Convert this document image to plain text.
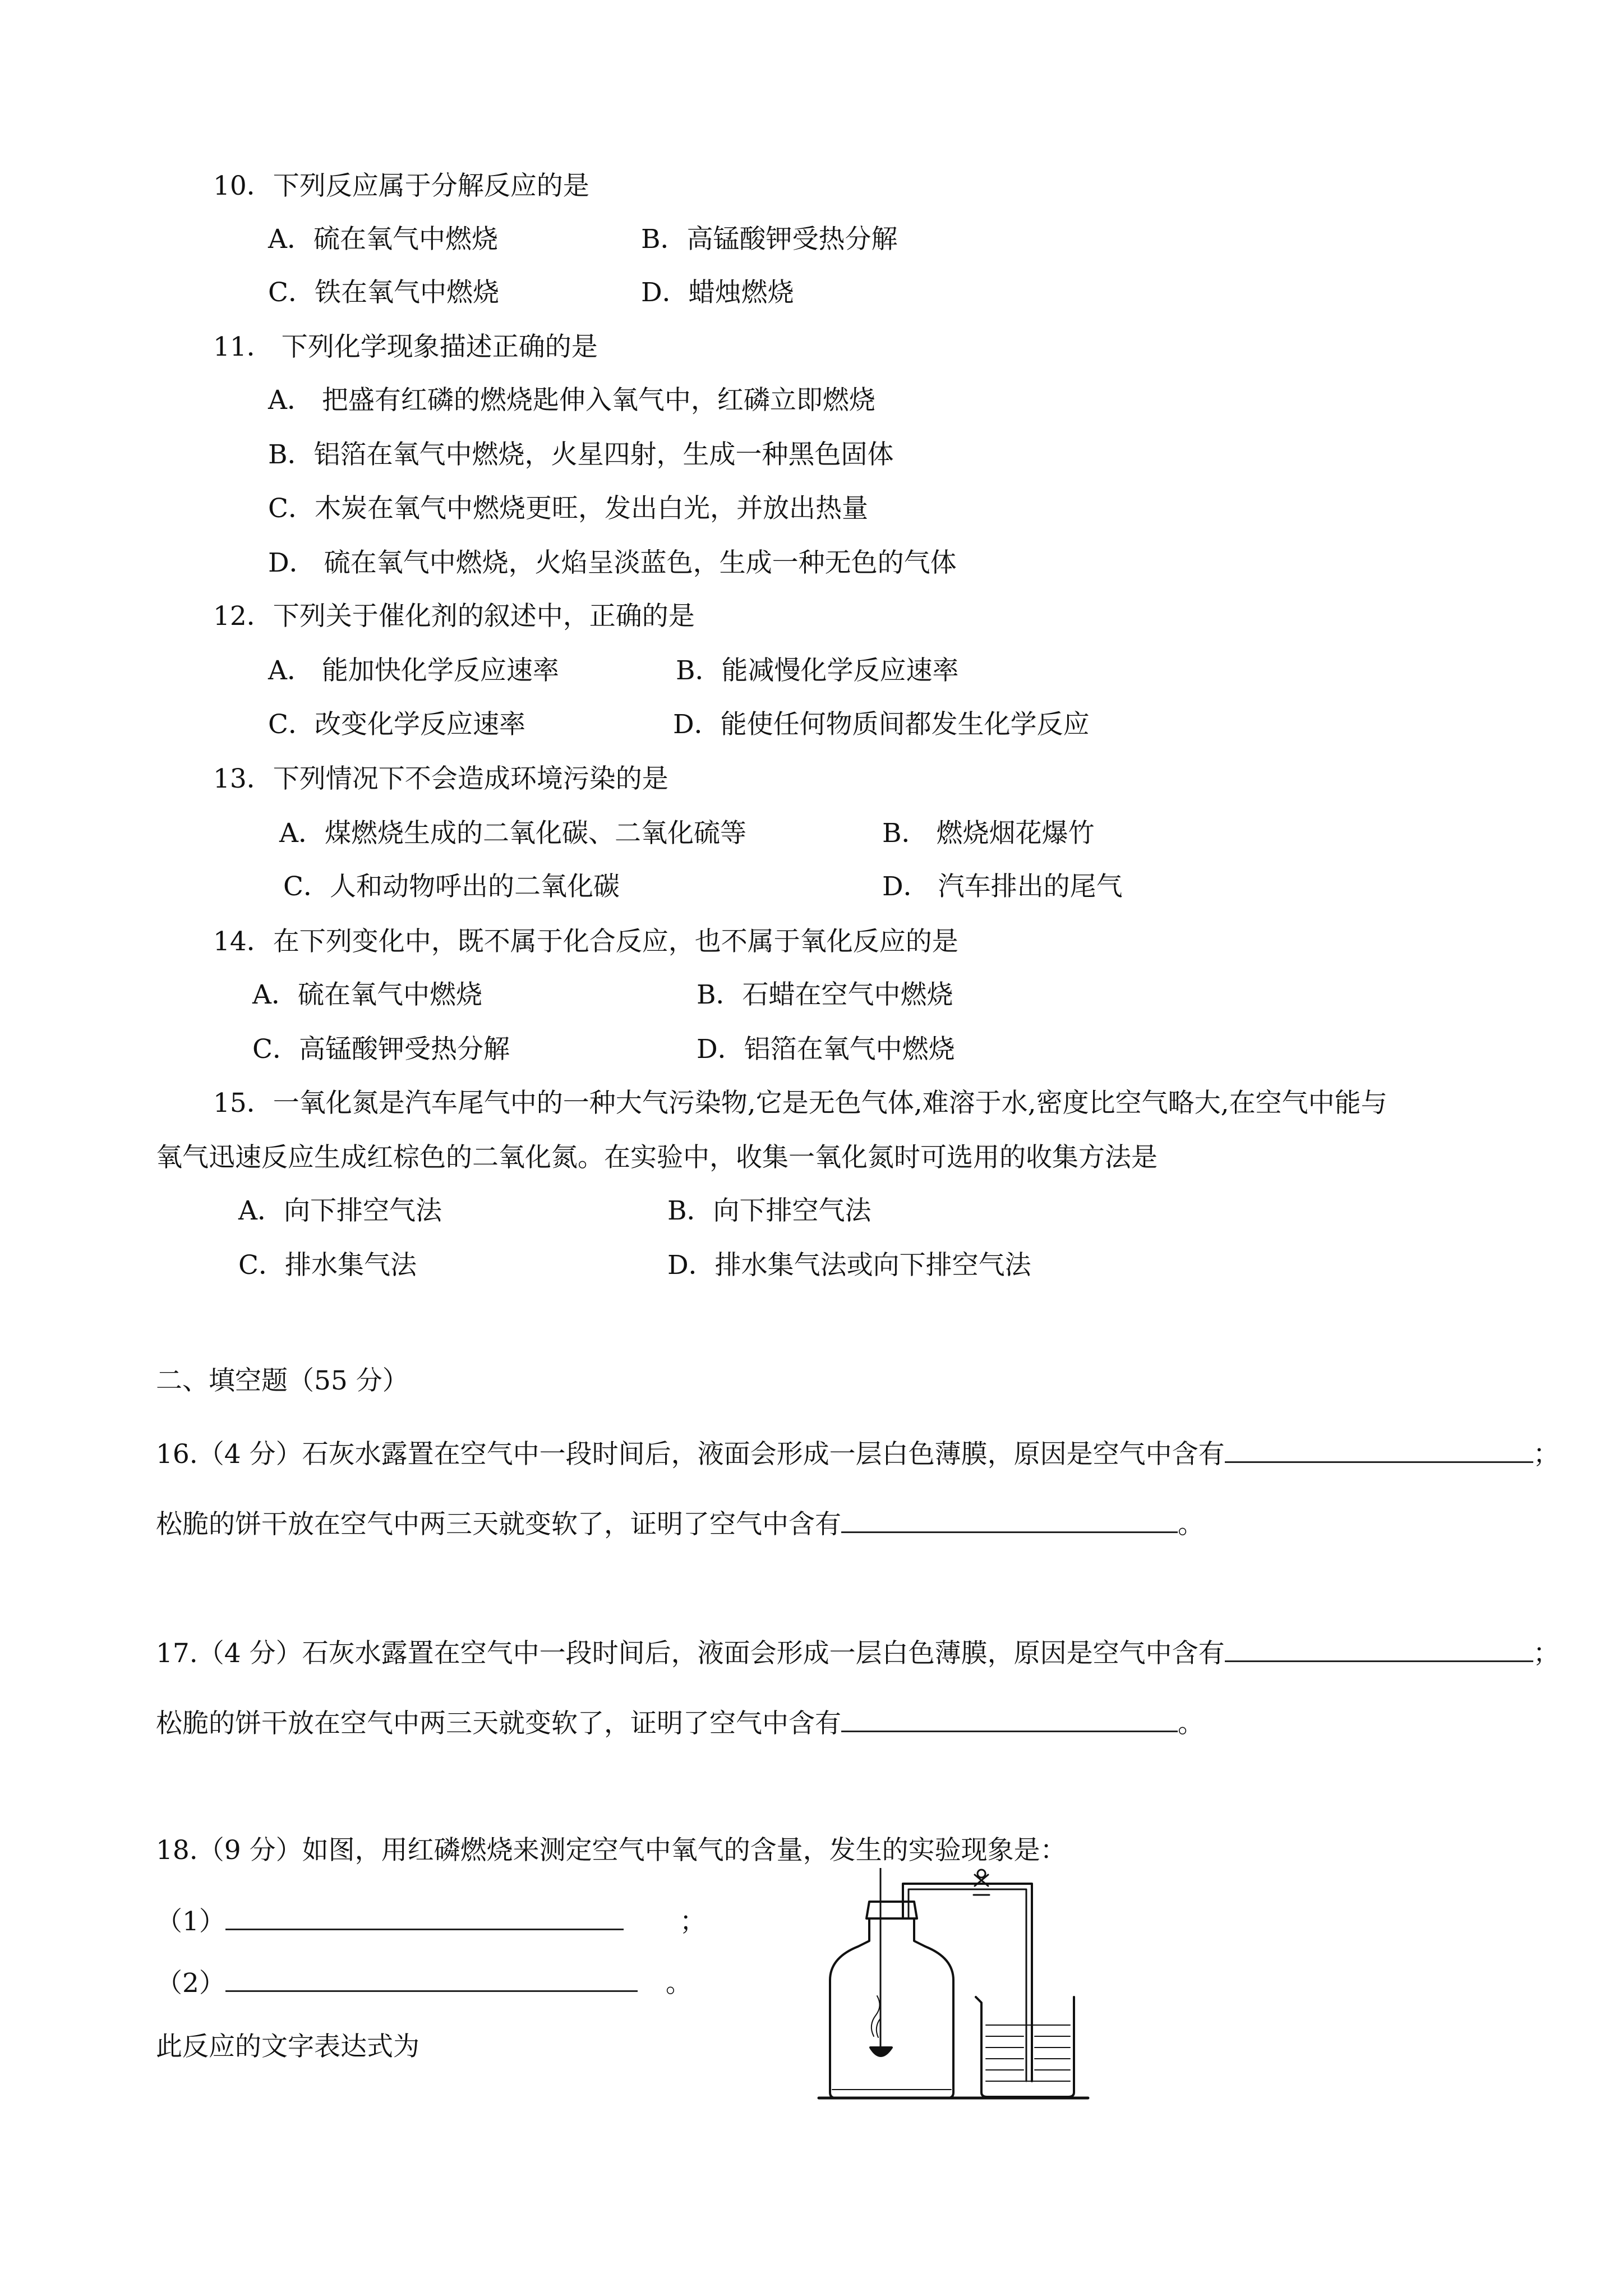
10．下列反应属于分解反应的是
A．硫在氧气中燃烧	B．高锰酸钾受热分解
C．铁在氧气中燃烧	D．蜡烛燃烧
11． 下列化学现象描述正确的是
A． 把盛有红磷的燃烧匙伸入氧气中，红磷立即燃烧
B．铝箔在氧气中燃烧，火星四射，生成一种黑色固体
C．木炭在氧气中燃烧更旺，发出白光，并放出热量
D． 硫在氧气中燃烧，火焰呈淡蓝色，生成一种无色的气体
12．下列关于催化剂的叙述中，正确的是
A． 能加快化学反应速率	B．能减慢化学反应速率
C．改变化学反应速率	D．能使任何物质间都发生化学反应
13．下列情况下不会造成环境污染的是
A．煤燃烧生成的二氧化碳、二氧化硫等	B． 燃烧烟花爆竹
C．人和动物呼出的二氧化碳	D． 汽车排出的尾气
14．在下列变化中，既不属于化合反应，也不属于氧化反应的是
A．硫在氧气中燃烧	B．石蜡在空气中燃烧
C．高锰酸钾受热分解	D．铝箔在氧气中燃烧
15．一氧化氮是汽车尾气中的一种大气污染物,它是无色气体,难溶于水,密度比空气略大,在空气中能与
氧气迅速反应生成红棕色的二氧化氮。在实验中，收集一氧化氮时可选用的收集方法是
A．向下排空气法	B．向下排空气法
C．排水集气法	D．排水集气法或向下排空气法
二、填空题（55 分）
16.（4 分）石灰水露置在空气中一段时间后，液面会形成一层白色薄膜，原因是空气中含有	；
松脆的饼干放在空气中两三天就变软了，证明了空气中含有	。
17.（4 分）石灰水露置在空气中一段时间后，液面会形成一层白色薄膜，原因是空气中含有	；
松脆的饼干放在空气中两三天就变软了，证明了空气中含有	。
18.（9 分）如图，用红磷燃烧来测定空气中氧气的含量，发生的实验现象是：
（1）	；
（2）	。
此反应的文字表达式为
